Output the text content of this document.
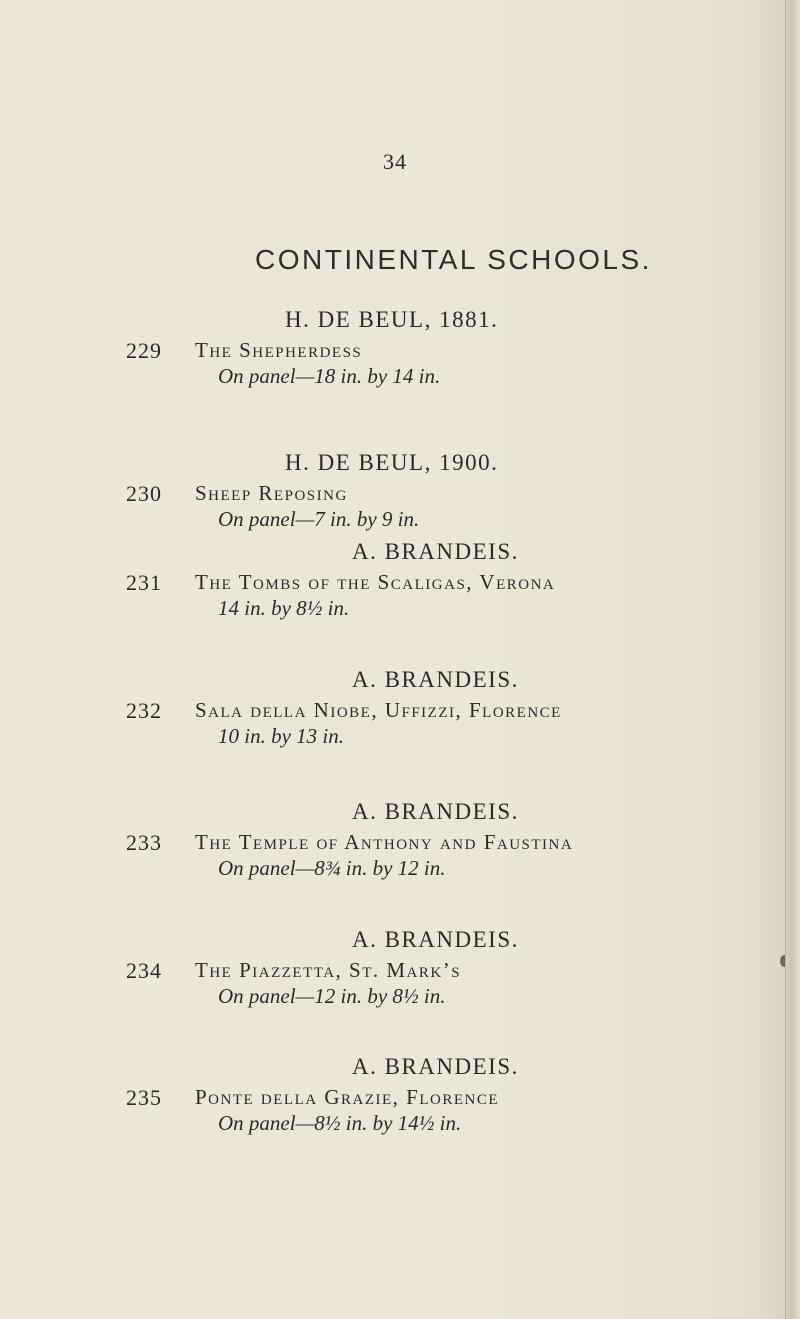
34
CONTINENTAL SCHOOLS.
H. DE BEUL, 1881.
229 The Shepherdess
On panel—18 in. by 14 in.
H. DE BEUL, 1900.
230 Sheep Reposing
On panel—7 in. by 9 in.
A. BRANDEIS.
231 The Tombs of the Scaligas, Verona
14 in. by 8½ in.
A. BRANDEIS.
232 Sala della Niobe, Uffizzi, Florence
10 in. by 13 in.
A. BRANDEIS.
233 The Temple of Anthony and Faustina
On panel—8¾ in. by 12 in.
A. BRANDEIS.
234 The Piazzetta, St. Mark’s
On panel—12 in. by 8½ in.
A. BRANDEIS.
235 Ponte della Grazie, Florence
On panel—8½ in. by 14½ in.
